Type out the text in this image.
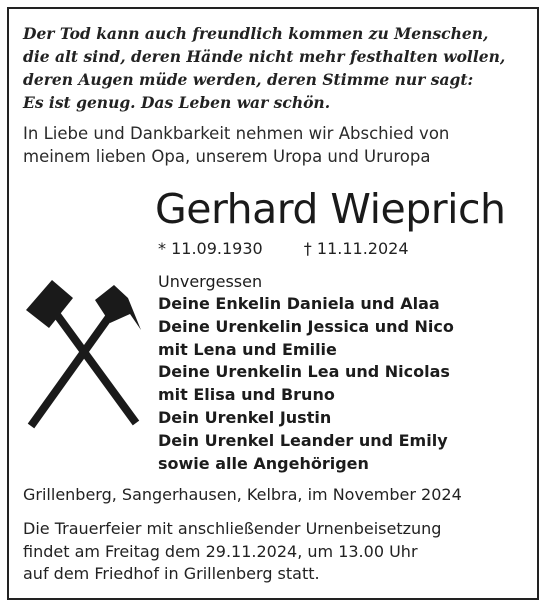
Der Tod kann auch freundlich kommen zu Menschen,
die alt sind, deren Hände nicht mehr festhalten wollen,
deren Augen müde werden, deren Stimme nur sagt:
Es ist genug. Das Leben war schön.
In Liebe und Dankbarkeit nehmen wir Abschied von
meinem lieben Opa, unserem Uropa und Ururopa
Gerhard Wieprich
* 11.09.1930	† 11.11.2024
Unvergessen
Deine Enkelin Daniela und Alaa
Deine Urenkelin Jessica und Nico
mit Lena und Emilie
Deine Urenkelin Lea und Nicolas
mit Elisa und Bruno
Dein Urenkel Justin
Dein Urenkel Leander und Emily
sowie alle Angehörigen
Grillenberg, Sangerhausen, Kelbra, im November 2024
Die Trauerfeier mit anschließender Urnenbeisetzung
findet am Freitag dem 29.11.2024, um 13.00 Uhr
auf dem Friedhof in Grillenberg statt.
